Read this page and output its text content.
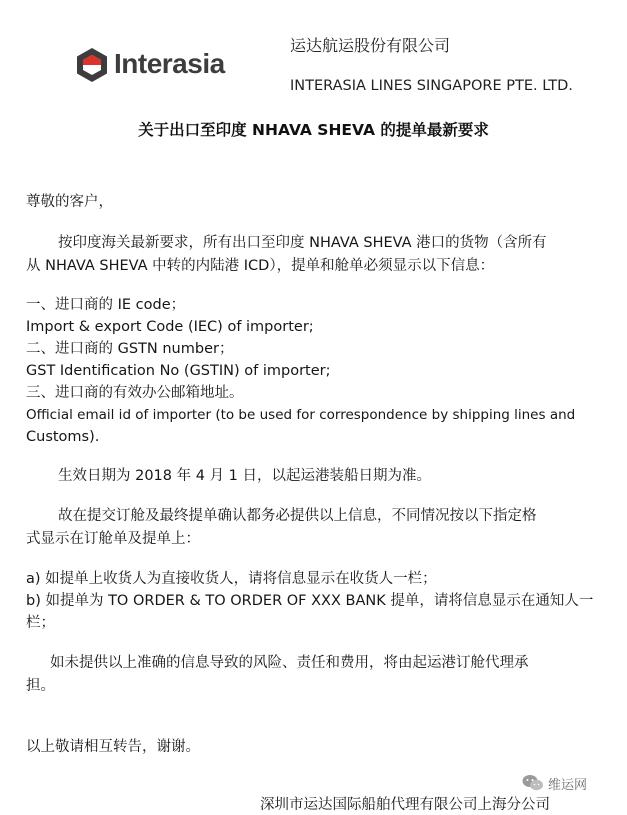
Interasia
运达航运股份有限公司
INTERASIA LINES SINGAPORE PTE. LTD.
关于出口至印度 NHAVA SHEVA 的提单最新要求
尊敬的客户，
按印度海关最新要求，所有出口至印度 NHAVA SHEVA 港口的货物（含所有
从 NHAVA SHEVA 中转的内陆港 ICD），提单和舱单必须显示以下信息：
一、进口商的 IE code；
Import & export Code (IEC) of importer;
二、进口商的 GSTN number；
GST Identification No (GSTIN) of importer;
三、进口商的有效办公邮箱地址。
Official email id of importer (to be used for correspondence by shipping lines and
Customs).
生效日期为 2018 年 4 月 1 日，以起运港装船日期为准。
故在提交订舱及最终提单确认都务必提供以上信息，不同情况按以下指定格
式显示在订舱单及提单上：
a) 如提单上收货人为直接收货人，请将信息显示在收货人一栏；
b) 如提单为 TO ORDER & TO ORDER OF XXX BANK 提单，请将信息显示在通知人一
栏；
如未提供以上准确的信息导致的风险、责任和费用，将由起运港订舱代理承
担。
以上敬请相互转告，谢谢。
维运网
深圳市运达国际船舶代理有限公司上海分公司
